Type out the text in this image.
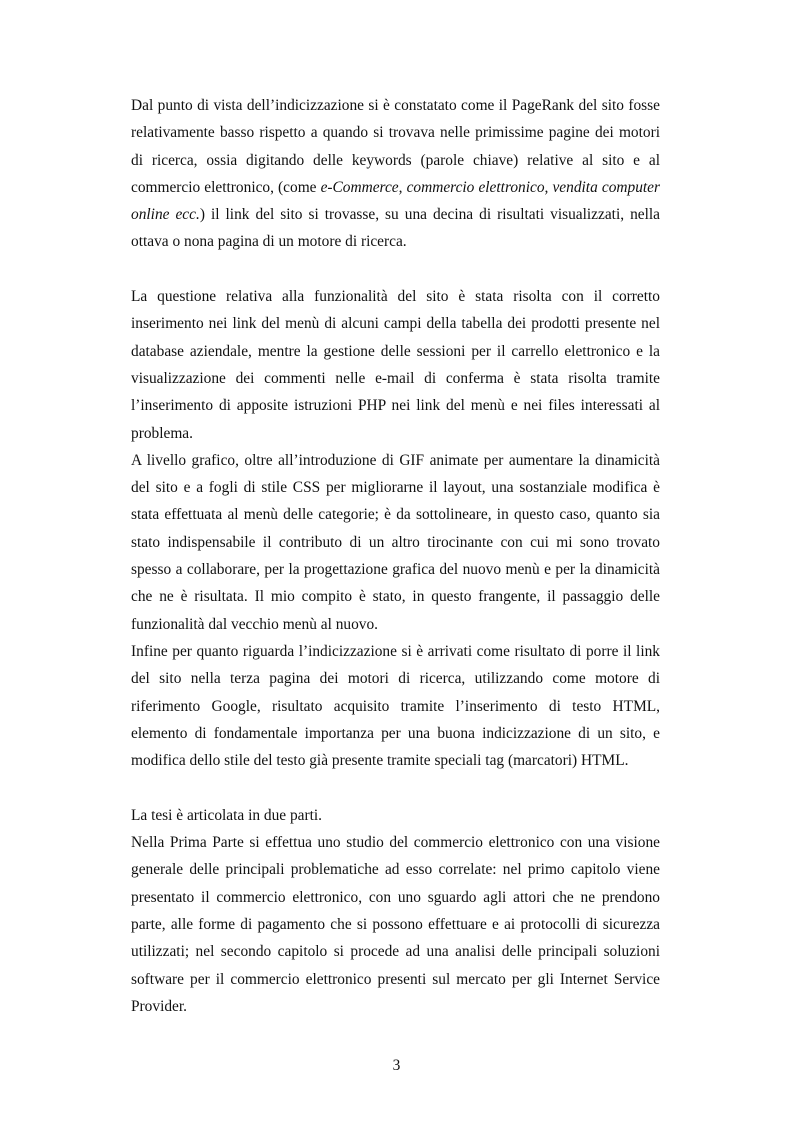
Dal punto di vista dell’indicizzazione si è constatato come il PageRank del sito fosse relativamente basso rispetto a quando si trovava nelle primissime pagine dei motori di ricerca, ossia digitando delle keywords (parole chiave) relative al sito e al commercio elettronico, (come e-Commerce, commercio elettronico, vendita computer online ecc.) il link del sito si trovasse, su una decina di risultati visualizzati, nella ottava o nona pagina di un motore di ricerca.

La questione relativa alla funzionalità del sito è stata risolta con il corretto inserimento nei link del menù di alcuni campi della tabella dei prodotti presente nel database aziendale, mentre la gestione delle sessioni per il carrello elettronico e la visualizzazione dei commenti nelle e-mail di conferma è stata risolta tramite l’inserimento di apposite istruzioni PHP nei link del menù e nei files interessati al problema.

A livello grafico, oltre all’introduzione di GIF animate per aumentare la dinamicità del sito e a fogli di stile CSS per migliorarne il layout, una sostanziale modifica è stata effettuata al menù delle categorie; è da sottolineare, in questo caso, quanto sia stato indispensabile il contributo di un altro tirocinante con cui mi sono trovato spesso a collaborare, per la progettazione grafica del nuovo menù e per la dinamicità che ne è risultata. Il mio compito è stato, in questo frangente, il passaggio delle funzionalità dal vecchio menù al nuovo.

Infine per quanto riguarda l’indicizzazione si è arrivati come risultato di porre il link del sito nella terza pagina dei motori di ricerca, utilizzando come motore di riferimento Google, risultato acquisito tramite l’inserimento di testo HTML, elemento di fondamentale importanza per una buona indicizzazione di un sito, e modifica dello stile del testo già presente tramite speciali tag (marcatori) HTML.

La tesi è articolata in due parti.

Nella Prima Parte si effettua uno studio del commercio elettronico con una visione generale delle principali problematiche ad esso correlate: nel primo capitolo viene presentato il commercio elettronico, con uno sguardo agli attori che ne prendono parte, alle forme di pagamento che si possono effettuare e ai protocolli di sicurezza utilizzati; nel secondo capitolo si procede ad una analisi delle principali soluzioni software per il commercio elettronico presenti sul mercato per gli Internet Service Provider.

3
